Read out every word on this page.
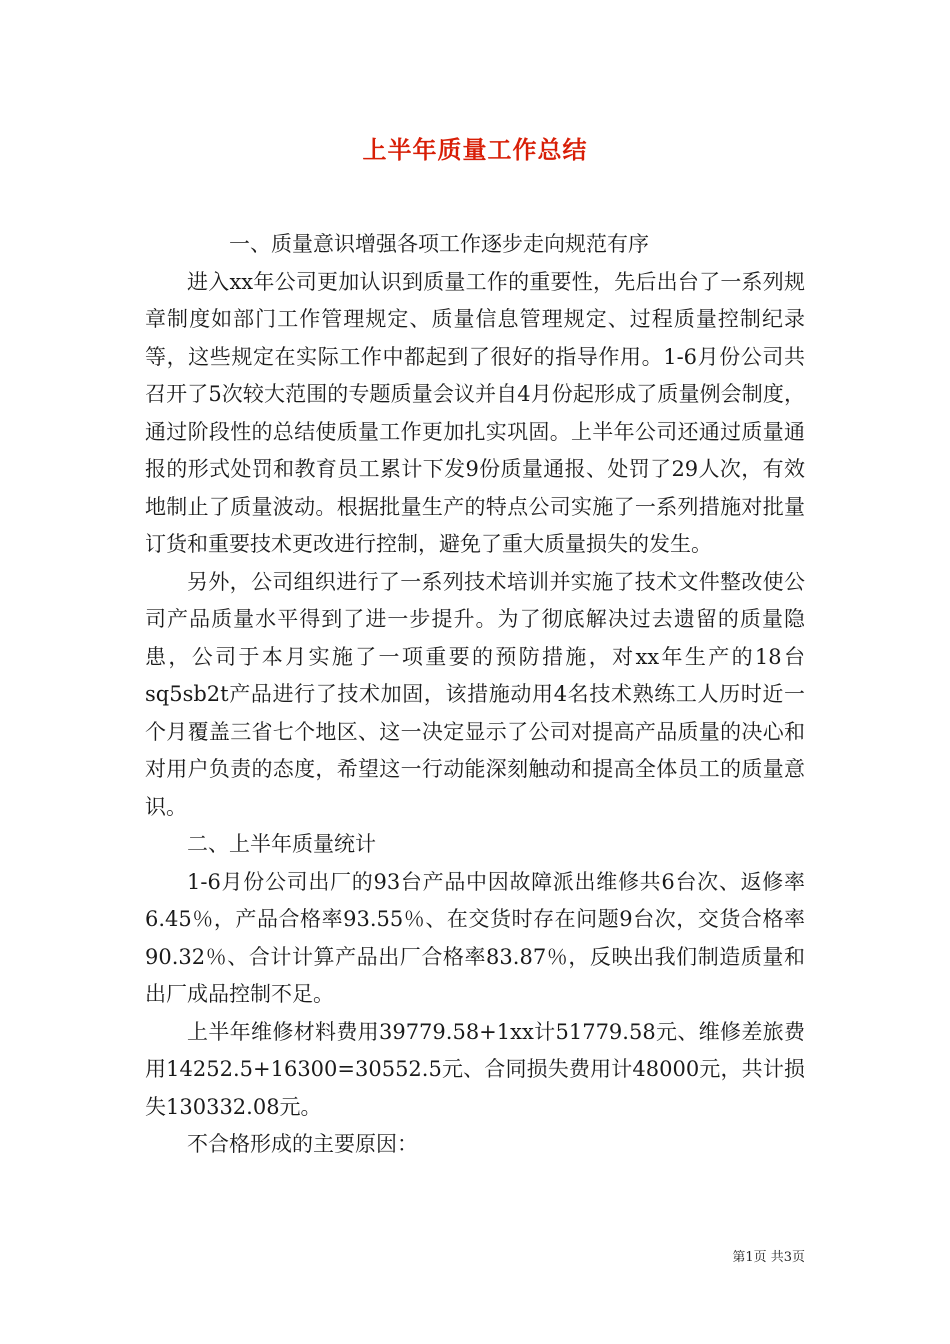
上半年质量工作总结

一、质量意识增强各项工作逐步走向规范有序

进入xx年公司更加认识到质量工作的重要性，先后出台了一系列规章制度如部门工作管理规定、质量信息管理规定、过程质量控制纪录等，这些规定在实际工作中都起到了很好的指导作用。1-6月份公司共召开了5次较大范围的专题质量会议并自4月份起形成了质量例会制度，通过阶段性的总结使质量工作更加扎实巩固。上半年公司还通过质量通报的形式处罚和教育员工累计下发9份质量通报、处罚了29人次，有效地制止了质量波动。根据批量生产的特点公司实施了一系列措施对批量订货和重要技术更改进行控制，避免了重大质量损失的发生。

另外，公司组织进行了一系列技术培训并实施了技术文件整改使公司产品质量水平得到了进一步提升。为了彻底解决过去遗留的质量隐患，公司于本月实施了一项重要的预防措施，对xx年生产的18台sq5sb2t产品进行了技术加固，该措施动用4名技术熟练工人历时近一个月覆盖三省七个地区、这一决定显示了公司对提高产品质量的决心和对用户负责的态度，希望这一行动能深刻触动和提高全体员工的质量意识。

二、上半年质量统计

1-6月份公司出厂的93台产品中因故障派出维修共6台次、返修率6.45％，产品合格率93.55％、在交货时存在问题9台次，交货合格率90.32％、合计计算产品出厂合格率83.87％，反映出我们制造质量和出厂成品控制不足。

上半年维修材料费用39779.58+1xx计51779.58元、维修差旅费用14252.5+16300=30552.5元、合同损失费用计48000元，共计损失130332.08元。

不合格形成的主要原因：

第1页 共3页
